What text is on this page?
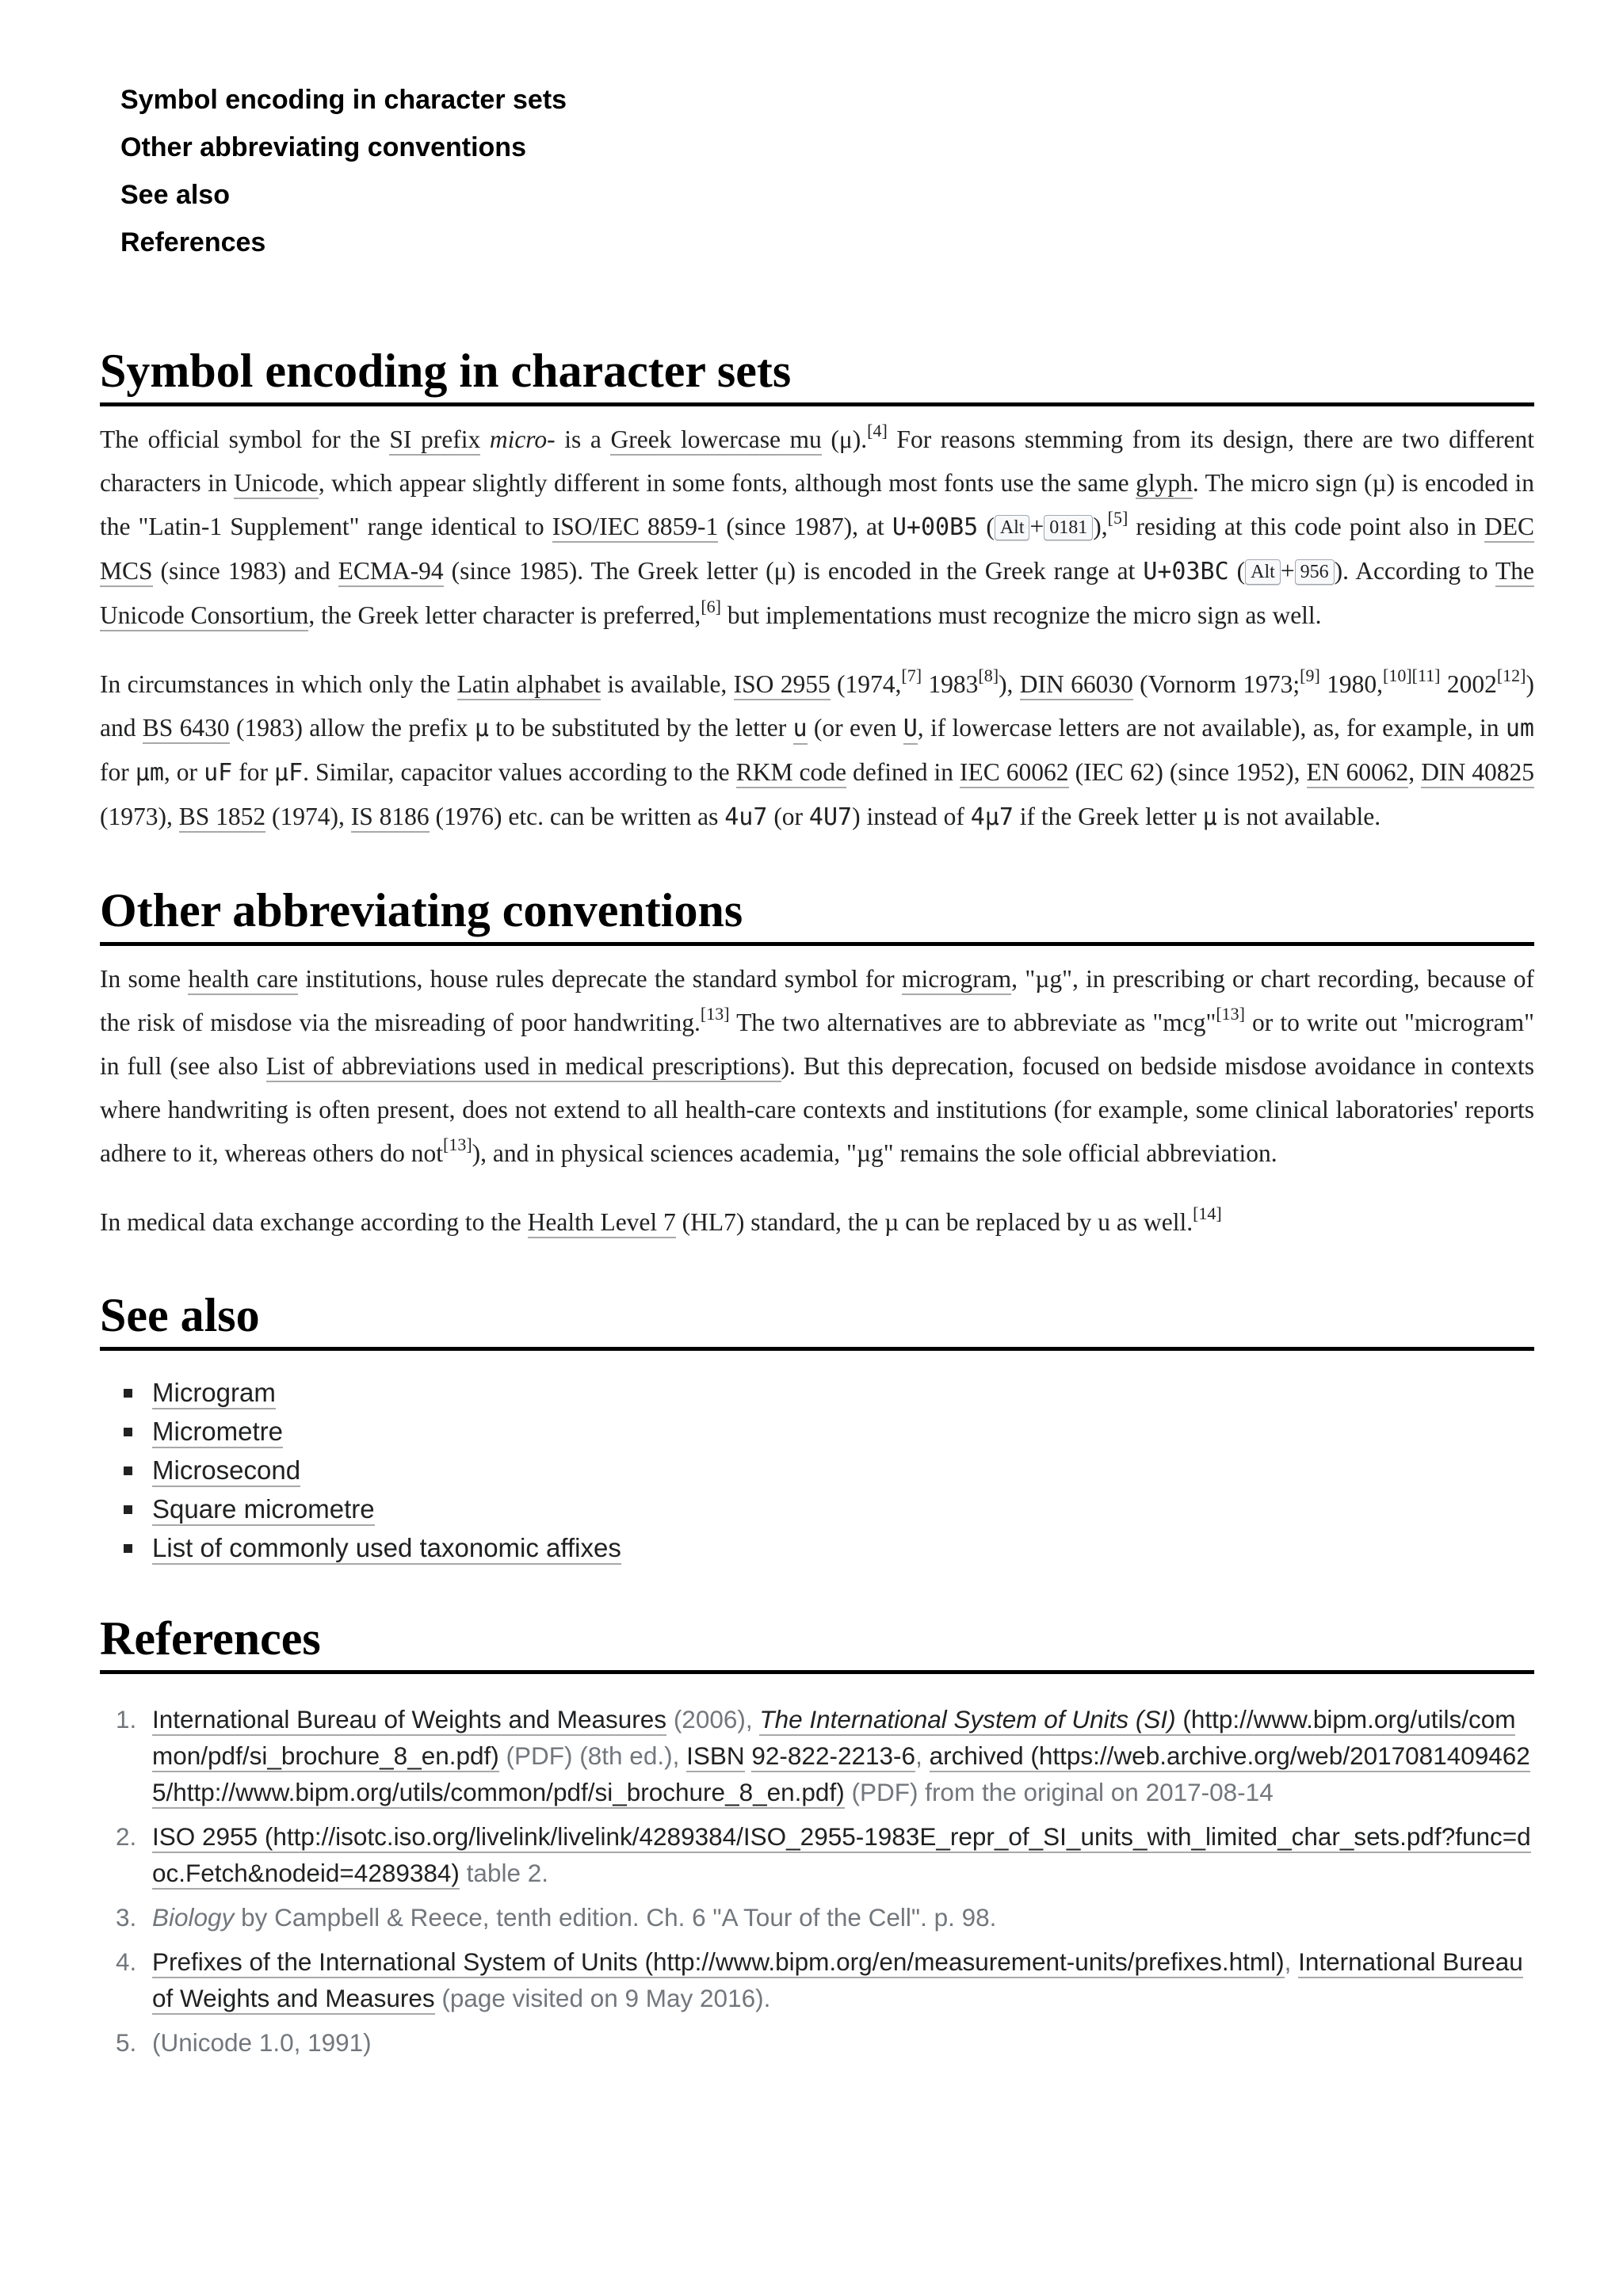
Symbol encoding in character sets
Other abbreviating conventions
See also
References
Symbol encoding in character sets

The official symbol for the SI prefix micro- is a Greek lowercase mu (μ).[4] For reasons stemming from its design, there are two different characters in Unicode, which appear slightly different in some fonts, although most fonts use the same glyph. The micro sign (µ) is encoded in the "Latin-1 Supplement" range identical to ISO/IEC 8859-1 (since 1987), at U+00B5 ( Alt + 0181 ),[5] residing at this code point also in DEC MCS (since 1983) and ECMA-94 (since 1985). The Greek letter (μ) is encoded in the Greek range at U+03BC ( Alt + 956 ). According to The Unicode Consortium, the Greek letter character is preferred,[6] but implementations must recognize the micro sign as well.

In circumstances in which only the Latin alphabet is available, ISO 2955 (1974,[7] 1983[8]), DIN 66030 (Vornorm 1973;[9] 1980,[10][11] 2002[12]) and BS 6430 (1983) allow the prefix μ to be substituted by the letter u (or even U, if lowercase letters are not available), as, for example, in um for µm, or uF for µF. Similar, capacitor values according to the RKM code defined in IEC 60062 (IEC 62) (since 1952), EN 60062, DIN 40825 (1973), BS 1852 (1974), IS 8186 (1976) etc. can be written as 4u7 (or 4U7) instead of 4µ7 if the Greek letter μ is not available.

Other abbreviating conventions

In some health care institutions, house rules deprecate the standard symbol for microgram, "µg", in prescribing or chart recording, because of the risk of misdose via the misreading of poor handwriting.[13] The two alternatives are to abbreviate as "mcg"[13] or to write out "microgram" in full (see also List of abbreviations used in medical prescriptions). But this deprecation, focused on bedside misdose avoidance in contexts where handwriting is often present, does not extend to all health-care contexts and institutions (for example, some clinical laboratories' reports adhere to it, whereas others do not[13]), and in physical sciences academia, "µg" remains the sole official abbreviation.

In medical data exchange according to the Health Level 7 (HL7) standard, the µ can be replaced by u as well.[14]

See also
Microgram
Micrometre
Microsecond
Square micrometre
List of commonly used taxonomic affixes
References
1. International Bureau of Weights and Measures (2006), The International System of Units (SI) (http://www.bipm.org/utils/common/pdf/si_brochure_8_en.pdf) (PDF) (8th ed.), ISBN 92-822-2213-6, archived (https://web.archive.org/web/20170814094625/http://www.bipm.org/utils/common/pdf/si_brochure_8_en.pdf) (PDF) from the original on 2017-08-14
2. ISO 2955 (http://isotc.iso.org/livelink/livelink/4289384/ISO_2955-1983E_repr_of_SI_units_with_limited_char_sets.pdf?func=doc.Fetch&nodeid=4289384) table 2.
3. Biology by Campbell & Reece, tenth edition. Ch. 6 "A Tour of the Cell". p. 98.
4. Prefixes of the International System of Units (http://www.bipm.org/en/measurement-units/prefixes.html), International Bureau of Weights and Measures (page visited on 9 May 2016).
5. (Unicode 1.0, 1991)
